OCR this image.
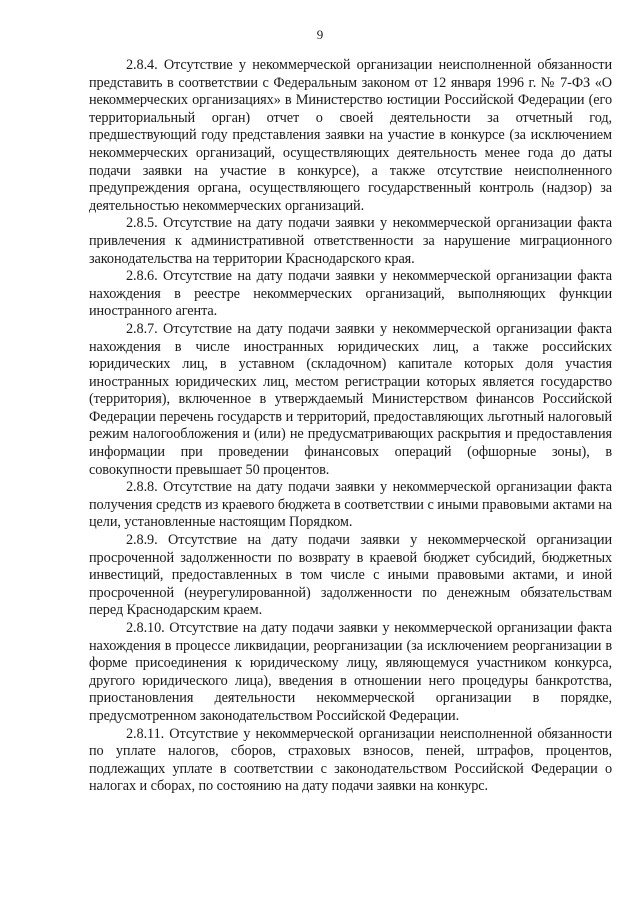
9

2.8.4. Отсутствие у некоммерческой организации неисполненной обязанности представить в соответствии с Федеральным законом от 12 января 1996 г. № 7-ФЗ «О некоммерческих организациях» в Министерство юстиции Российской Федерации (его территориальный орган) отчет о своей деятельности за отчетный год, предшествующий году представления заявки на участие в конкурсе (за исключением некоммерческих организаций, осуществляющих деятельность менее года до даты подачи заявки на участие в конкурсе), а также отсутствие неисполненного предупреждения органа, осуществляющего государственный контроль (надзор) за деятельностью некоммерческих организаций.

2.8.5. Отсутствие на дату подачи заявки у некоммерческой организации факта привлечения к административной ответственности за нарушение миграционного законодательства на территории Краснодарского края.

2.8.6. Отсутствие на дату подачи заявки у некоммерческой организации факта нахождения в реестре некоммерческих организаций, выполняющих функции иностранного агента.

2.8.7. Отсутствие на дату подачи заявки у некоммерческой организации факта нахождения в числе иностранных юридических лиц, а также российских юридических лиц, в уставном (складочном) капитале которых доля участия иностранных юридических лиц, местом регистрации которых является государство (территория), включенное в утверждаемый Министерством финансов Российской Федерации перечень государств и территорий, предоставляющих льготный налоговый режим налогообложения и (или) не предусматривающих раскрытия и предоставления информации при проведении финансовых операций (офшорные зоны), в совокупности превышает 50 процентов.

2.8.8. Отсутствие на дату подачи заявки у некоммерческой организации факта получения средств из краевого бюджета в соответствии с иными правовыми актами на цели, установленные настоящим Порядком.

2.8.9. Отсутствие на дату подачи заявки у некоммерческой организации просроченной задолженности по возврату в краевой бюджет субсидий, бюджетных инвестиций, предоставленных в том числе с иными правовыми актами, и иной просроченной (неурегулированной) задолженности по денежным обязательствам перед Краснодарским краем.

2.8.10. Отсутствие на дату подачи заявки у некоммерческой организации факта нахождения в процессе ликвидации, реорганизации (за исключением реорганизации в форме присоединения к юридическому лицу, являющемуся участником конкурса, другого юридического лица), введения в отношении него процедуры банкротства, приостановления деятельности некоммерческой организации в порядке, предусмотренном законодательством Российской Федерации.

2.8.11. Отсутствие у некоммерческой организации неисполненной обязанности по уплате налогов, сборов, страховых взносов, пеней, штрафов, процентов, подлежащих уплате в соответствии с законодательством Российской Федерации о налогах и сборах, по состоянию на дату подачи заявки на конкурс.
